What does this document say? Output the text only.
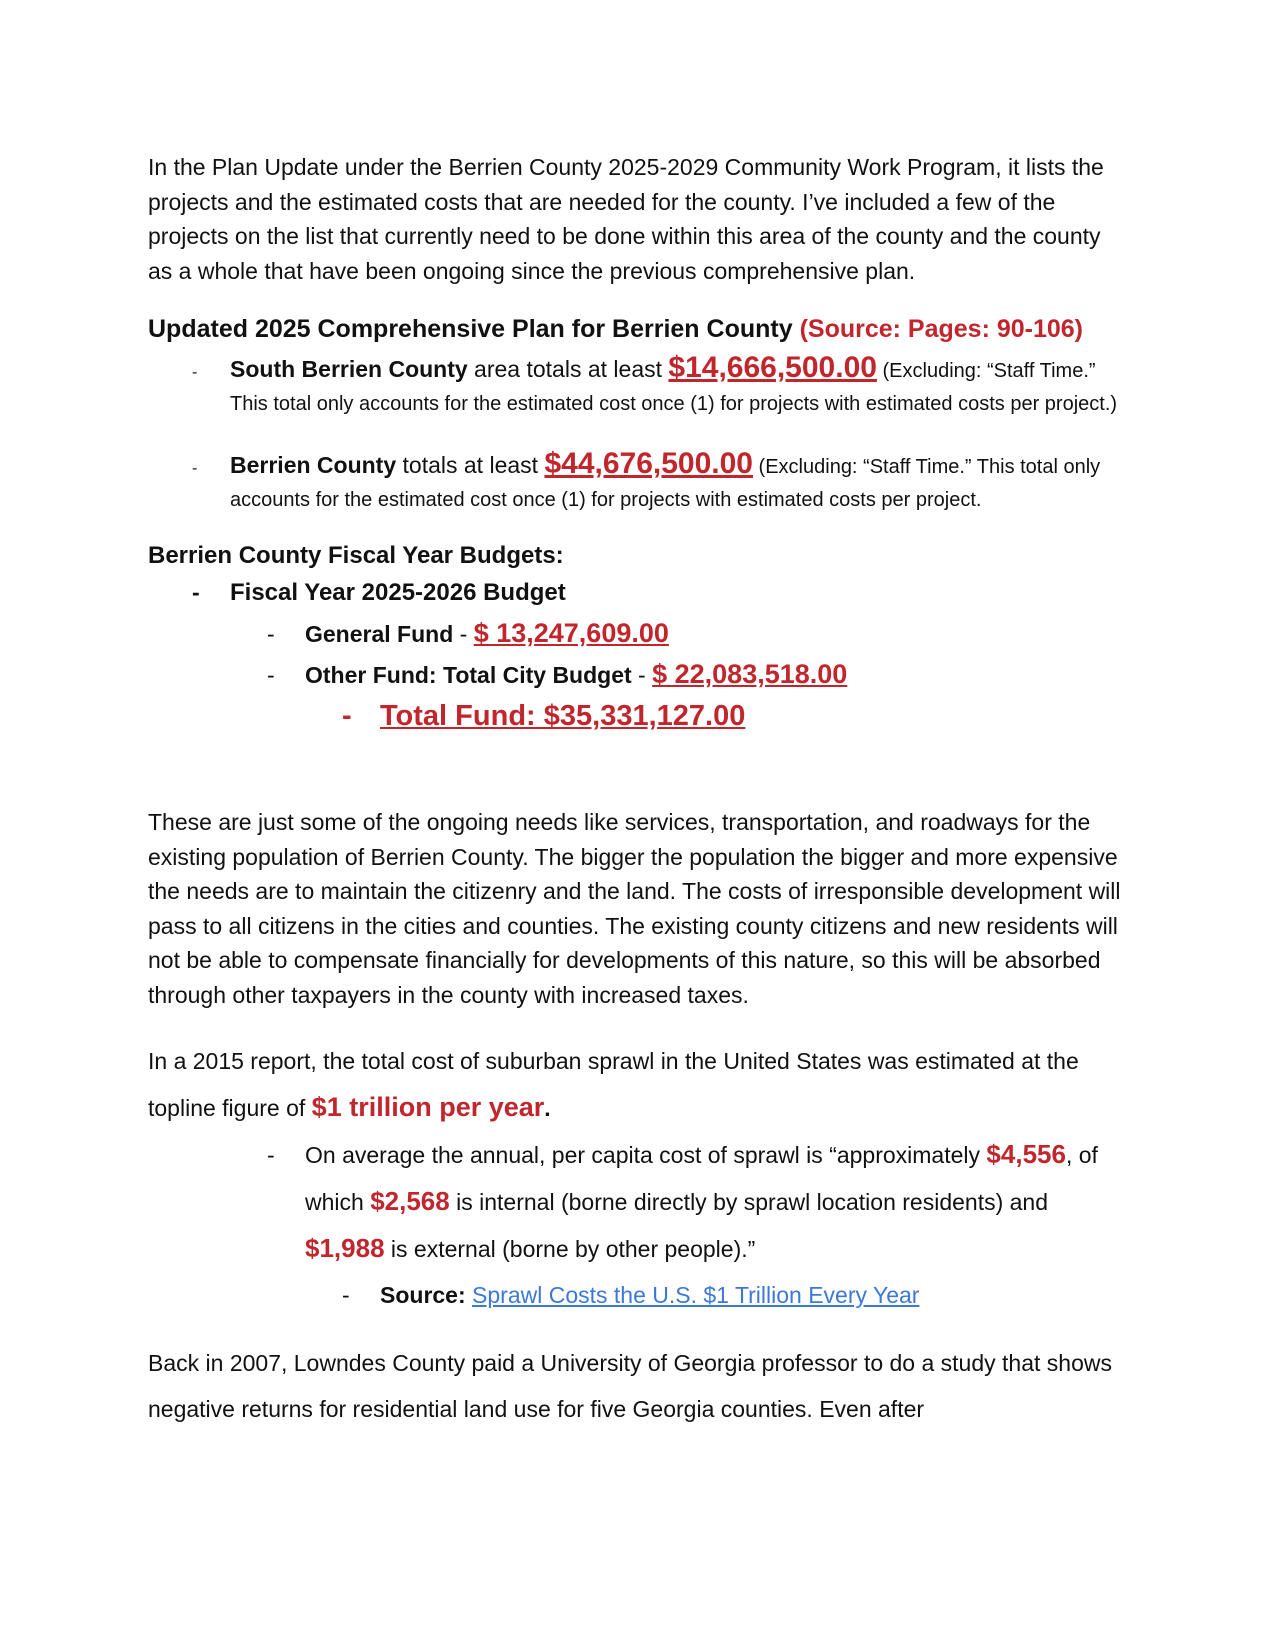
In the Plan Update under the Berrien County 2025-2029 Community Work Program, it lists the projects and the estimated costs that are needed for the county. I’ve included a few of the projects on the list that currently need to be done within this area of the county and the county as a whole that have been ongoing since the previous comprehensive plan.

Updated 2025 Comprehensive Plan for Berrien County (Source: Pages: 90-106)

-	South Berrien County area totals at least $14,666,500.00 (Excluding: “Staff Time.” This total only accounts for the estimated cost once (1) for projects with estimated costs per project.)
-	Berrien County totals at least $44,676,500.00 (Excluding: “Staff Time.” This total only accounts for the estimated cost once (1) for projects with estimated costs per project.

Berrien County Fiscal Year Budgets:

-	Fiscal Year 2025-2026 Budget
-	General Fund - $ 13,247,609.00
-	Other Fund: Total City Budget - $ 22,083,518.00
- Total Fund: $35,331,127.00

These are just some of the ongoing needs like services, transportation, and roadways for the existing population of Berrien County. The bigger the population the bigger and more expensive the needs are to maintain the citizenry and the land. The costs of irresponsible development will pass to all citizens in the cities and counties. The existing county citizens and new residents will not be able to compensate financially for developments of this nature, so this will be absorbed through other taxpayers in the county with increased taxes.

In a 2015 report, the total cost of suburban sprawl in the United States was estimated at the topline figure of $1 trillion per year.

-	On average the annual, per capita cost of sprawl is “approximately $4,556, of which $2,568 is internal (borne directly by sprawl location residents) and $1,988 is external (borne by other people).”
-	Source: Sprawl Costs the U.S. $1 Trillion Every Year

Back in 2007, Lowndes County paid a University of Georgia professor to do a study that shows negative returns for residential land use for five Georgia counties. Even after
